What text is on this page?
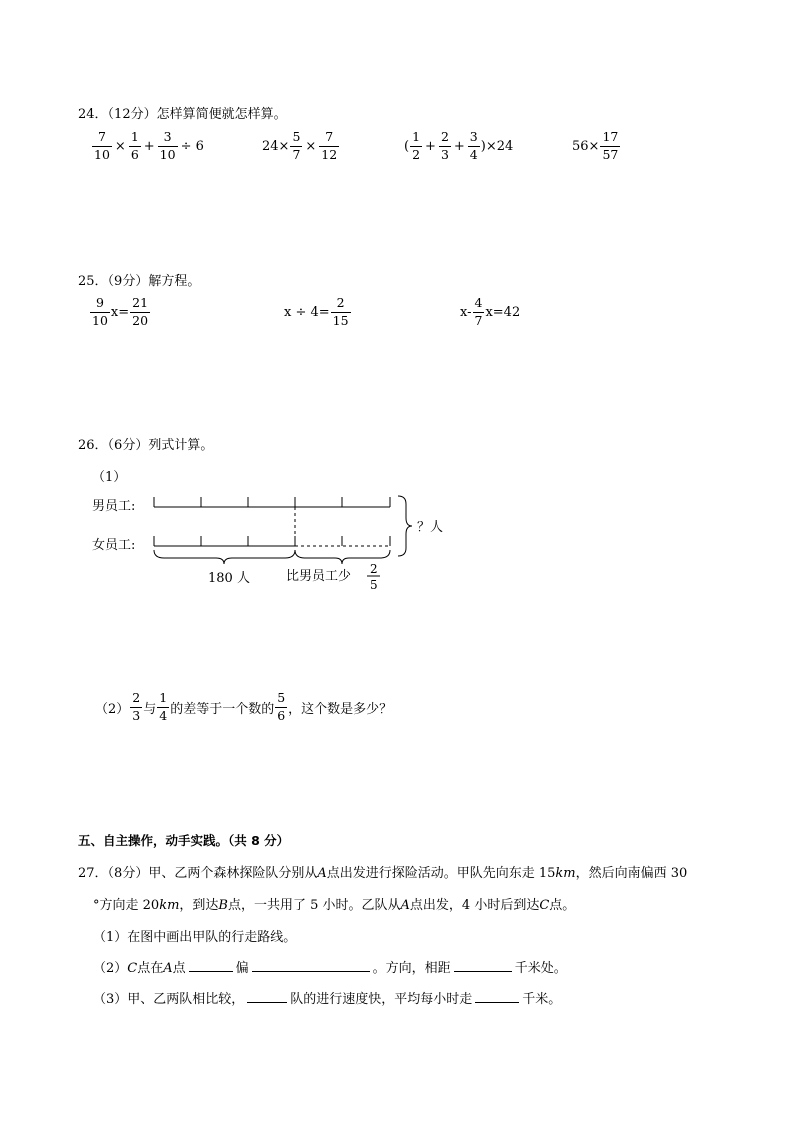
24．（12分）怎样算简便就怎样算。
$\frac{7}{10} \times \frac{1}{6} + \frac{3}{10} \div 6$	$24\times \frac{5}{7} \times \frac{7}{12}$	( $\frac{1}{2} + \frac{2}{3} + \frac{3}{4} )\times 24$	$56\times \frac{17}{57}$
25．（9分）解方程。
$\frac{9}{10} x= \frac{21}{20}$	$x \div 4= \frac{2}{15}$	$x- \frac{4}{7} x=42$
26．（6分）列式计算。
（1）
男员工:
女员工:
？人
180 人	比男员工少 2
5
$(2) \frac{2}{3}$ 与 $\frac{1}{4}$ 的差等于一个数的 $\frac{5}{6}$ ，这个数是多少？
五、自主操作，动手实践。（共 8 分）
27．（8分）甲、乙两个森林探险队分别从A点出发进行探险活动。甲队先向东走 15km，然后向南偏西 30
°方向走 20km，到达B点，一共用了 5 小时。乙队从A点出发，4 小时后到达C点。
（1）在图中画出甲队的行走路线。
（2）C点在A点	偏	。方向，相距	千米处。
（3）甲、乙两队相比较，	队的进行速度快，平均每小时走	千米。
